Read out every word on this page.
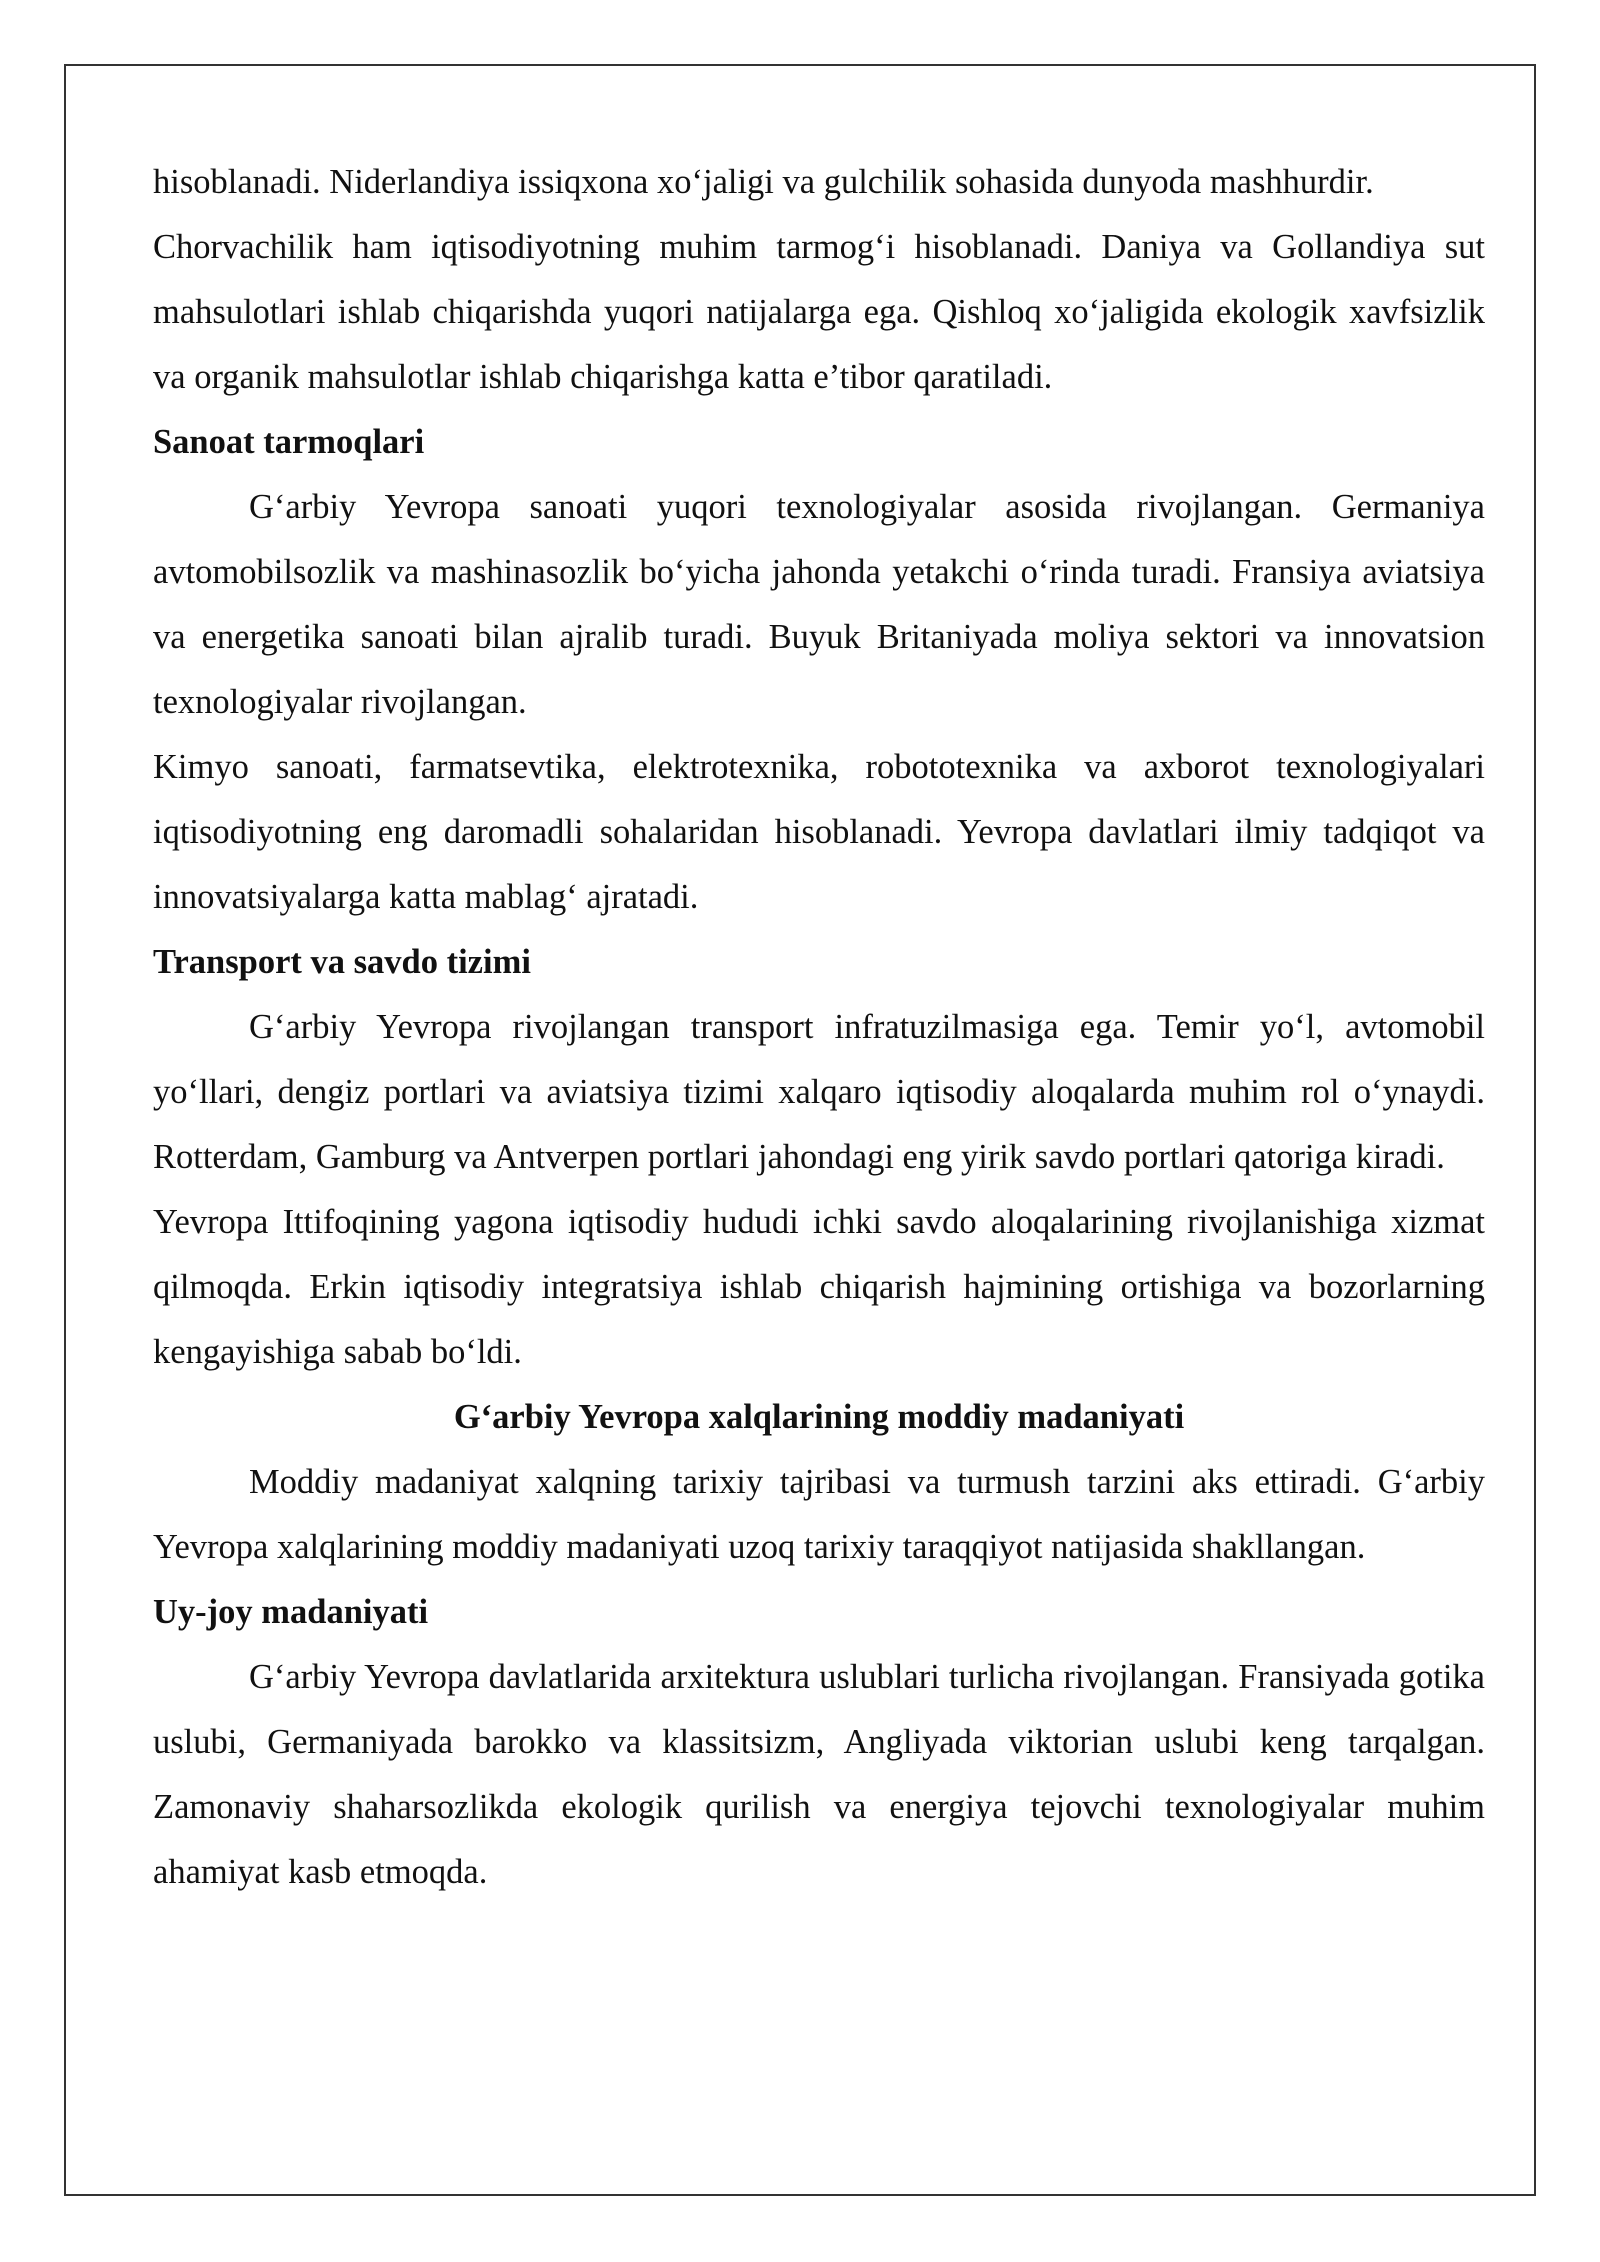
hisoblanadi. Niderlandiya issiqxona xo‘jaligi va gulchilik sohasida dunyoda mashhurdir.

Chorvachilik ham iqtisodiyotning muhim tarmog‘i hisoblanadi. Daniya va Gollandiya sut mahsulotlari ishlab chiqarishda yuqori natijalarga ega. Qishloq xo‘jaligida ekologik xavfsizlik va organik mahsulotlar ishlab chiqarishga katta e’tibor qaratiladi.

Sanoat tarmoqlari

G‘arbiy Yevropa sanoati yuqori texnologiyalar asosida rivojlangan. Germaniya avtomobilsozlik va mashinasozlik bo‘yicha jahonda yetakchi o‘rinda turadi. Fransiya aviatsiya va energetika sanoati bilan ajralib turadi. Buyuk Britaniyada moliya sektori va innovatsion texnologiyalar rivojlangan.

Kimyo sanoati, farmatsevtika, elektrotexnika, robototexnika va axborot texnologiyalari iqtisodiyotning eng daromadli sohalaridan hisoblanadi. Yevropa davlatlari ilmiy tadqiqot va innovatsiyalarga katta mablag‘ ajratadi.

Transport va savdo tizimi

G‘arbiy Yevropa rivojlangan transport infratuzilmasiga ega. Temir yo‘l, avtomobil yo‘llari, dengiz portlari va aviatsiya tizimi xalqaro iqtisodiy aloqalarda muhim rol o‘ynaydi. Rotterdam, Gamburg va Antverpen portlari jahondagi eng yirik savdo portlari qatoriga kiradi.

Yevropa Ittifoqining yagona iqtisodiy hududi ichki savdo aloqalarining rivojlanishiga xizmat qilmoqda. Erkin iqtisodiy integratsiya ishlab chiqarish hajmining ortishiga va bozorlarning kengayishiga sabab bo‘ldi.

G‘arbiy Yevropa xalqlarining moddiy madaniyati

Moddiy madaniyat xalqning tarixiy tajribasi va turmush tarzini aks ettiradi. G‘arbiy Yevropa xalqlarining moddiy madaniyati uzoq tarixiy taraqqiyot natijasida shakllangan.

Uy-joy madaniyati

G‘arbiy Yevropa davlatlarida arxitektura uslublari turlicha rivojlangan. Fransiyada gotika uslubi, Germaniyada barokko va klassitsizm, Angliyada viktorian uslubi keng tarqalgan. Zamonaviy shaharsozlikda ekologik qurilish va energiya tejovchi texnologiyalar muhim ahamiyat kasb etmoqda.
